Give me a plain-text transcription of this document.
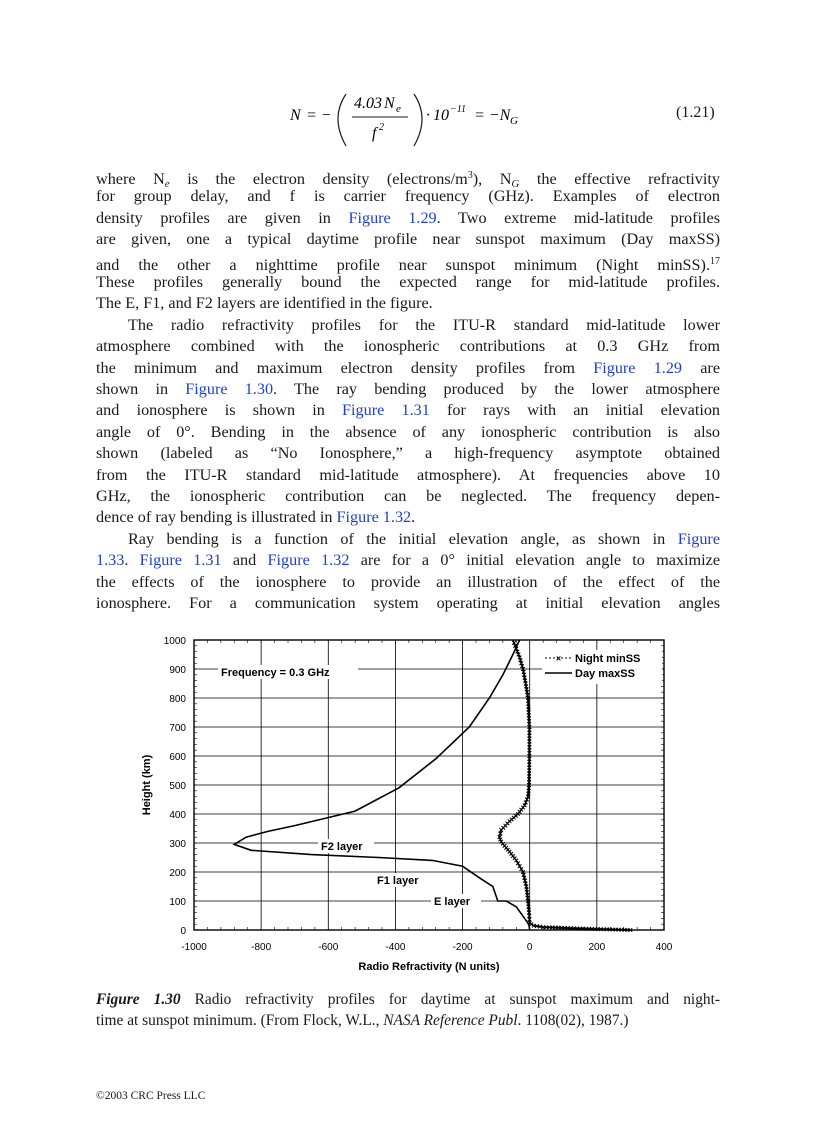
N = −
4.03 N e
f 2
· 10 −11 = −N G	(1.21)
where $N_e$ is the electron density $(electrons/m^3)$, $N_G$ the effective refractivity
for group delay, and f is carrier frequency (GHz). Examples of electron
density profiles are given in Figure 1.29. Two extreme mid-latitude profiles
are given, one a typical daytime profile near sunspot maximum (Day maxSS)
and the other a nighttime profile near sunspot minimum (Night minSS).$^{17}$
These profiles generally bound the expected range for mid-latitude profiles.
The E, F1, and F2 layers are identified in the figure.
The radio refractivity profiles for the ITU-R standard mid-latitude lower
atmosphere combined with the ionospheric contributions at 0.3 GHz from
the minimum and maximum electron density profiles from Figure 1.29 are
shown in Figure 1.30. The ray bending produced by the lower atmosphere
and ionosphere is shown in Figure 1.31 for rays with an initial elevation
angle of 0°. Bending in the absence of any ionospheric contribution is also
shown (labeled as “No Ionosphere,” a high-frequency asymptote obtained
from the ITU-R standard mid-latitude atmosphere). At frequencies above 10
GHz, the ionospheric contribution can be neglected. The frequency depen-
dence of ray bending is illustrated in Figure 1.32.
Ray bending is a function of the initial elevation angle, as shown in Figure
1.33. Figure 1.31 and Figure 1.32 are for a 0° initial elevation angle to maximize
the effects of the ionosphere to provide an illustration of the effect of the
ionosphere. For a communication system operating at initial elevation angles
-1000	-800	-600	-400	-200	0	200	400
0
100
200
300
400
500
600
700
800
900
1000
Radio Refractivity (N units)
Height (km)
Frequency = 0.3 GHz
F2 layer
F1 layer
E layer
× Night minSS
Day maxSS
Figure 1.30 Radio refractivity profiles for daytime at sunspot maximum and night-
time at sunspot minimum. (From Flock, W.L., NASA Reference Publ. 1108(02), 1987.)
©2003 CRC Press LLC
